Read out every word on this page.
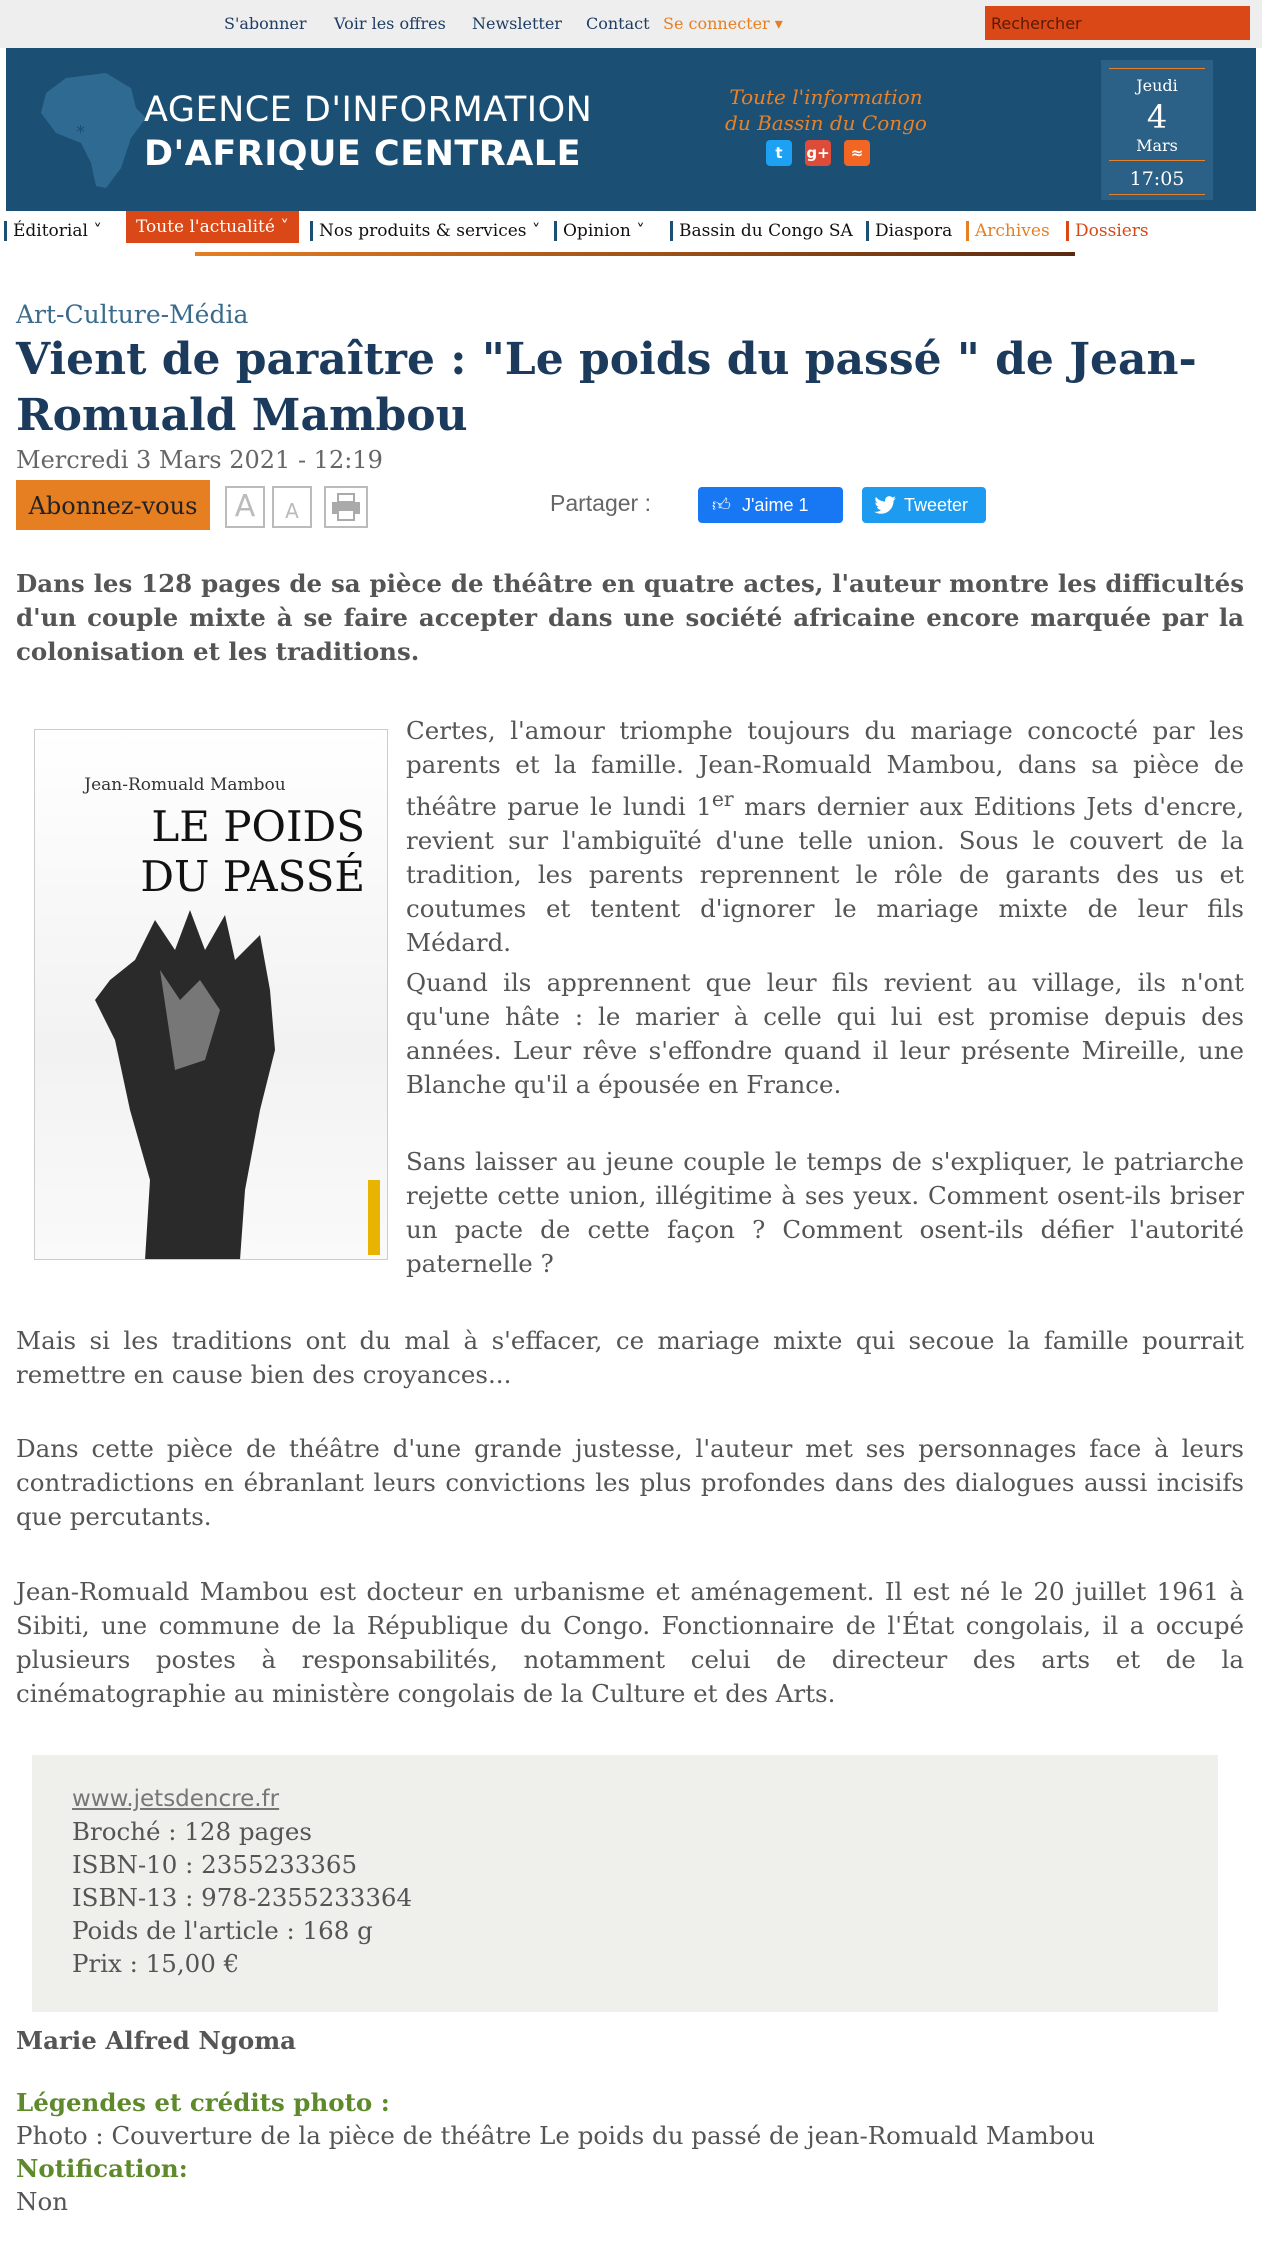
S'abonner Voir les offres Newsletter Contact Se connecter ▾
Rechercher
*
AGENCE D'INFORMATION
D'AFRIQUE CENTRALE
Toute l'information
du Bassin du Congo
t	g+	≈
Jeudi
4
Mars
17:05
Éditorial ˅	Toute l'actualité ˅	Nos produits & services ˅	Opinion ˅	Bassin du Congo SA	Diaspora	Archives	Dossiers
Art-Culture-Média
Vient de paraître : "Le poids du passé " de Jean-Romuald Mambou
Mercredi 3 Mars 2021 - 12:19
Abonnez-vous	A	A	Partager :	👍︎ J'aime 1	Tweeter
Dans les 128 pages de sa pièce de théâtre en quatre actes, l'auteur montre les difficultés d'un couple mixte à se faire accepter dans une société africaine encore marquée par la colonisation et les traditions.
Jean-Romuald Mambou
LE POIDS
DU PASSÉ
Certes, l'amour triomphe toujours du mariage concocté par les parents et la famille. Jean-Romuald Mambou, dans sa pièce de théâtre parue le lundi 1er mars dernier aux Editions Jets d'encre, revient sur l'ambiguïté d'une telle union. Sous le couvert de la tradition, les parents reprennent le rôle de garants des us et coutumes et tentent d'ignorer le mariage mixte de leur fils Médard.
Quand ils apprennent que leur fils revient au village, ils n'ont qu'une hâte : le marier à celle qui lui est promise depuis des années. Leur rêve s'effondre quand il leur présente Mireille, une Blanche qu'il a épousée en France.
Sans laisser au jeune couple le temps de s'expliquer, le patriarche rejette cette union, illégitime à ses yeux. Comment osent-ils briser un pacte de cette façon ? Comment osent-ils défier l'autorité paternelle ?
Mais si les traditions ont du mal à s'effacer, ce mariage mixte qui secoue la famille pourrait remettre en cause bien des croyances...
Dans cette pièce de théâtre d'une grande justesse, l'auteur met ses personnages face à leurs contradictions en ébranlant leurs convictions les plus profondes dans des dialogues aussi incisifs que percutants.
Jean-Romuald Mambou est docteur en urbanisme et aménagement. Il est né le 20 juillet 1961 à Sibiti, une commune de la République du Congo. Fonctionnaire de l'État congolais, il a occupé plusieurs postes à responsabilités, notamment celui de directeur des arts et de la cinématographie au ministère congolais de la Culture et des Arts.
www.jetsdencre.fr
Broché : 128 pages
ISBN-10 : 2355233365
ISBN-13 : 978-2355233364
Poids de l'article : 168 g
Prix : 15,00 €
Marie Alfred Ngoma
Légendes et crédits photo :
Photo : Couverture de la pièce de théâtre Le poids du passé de jean-Romuald Mambou
Notification:
Non
